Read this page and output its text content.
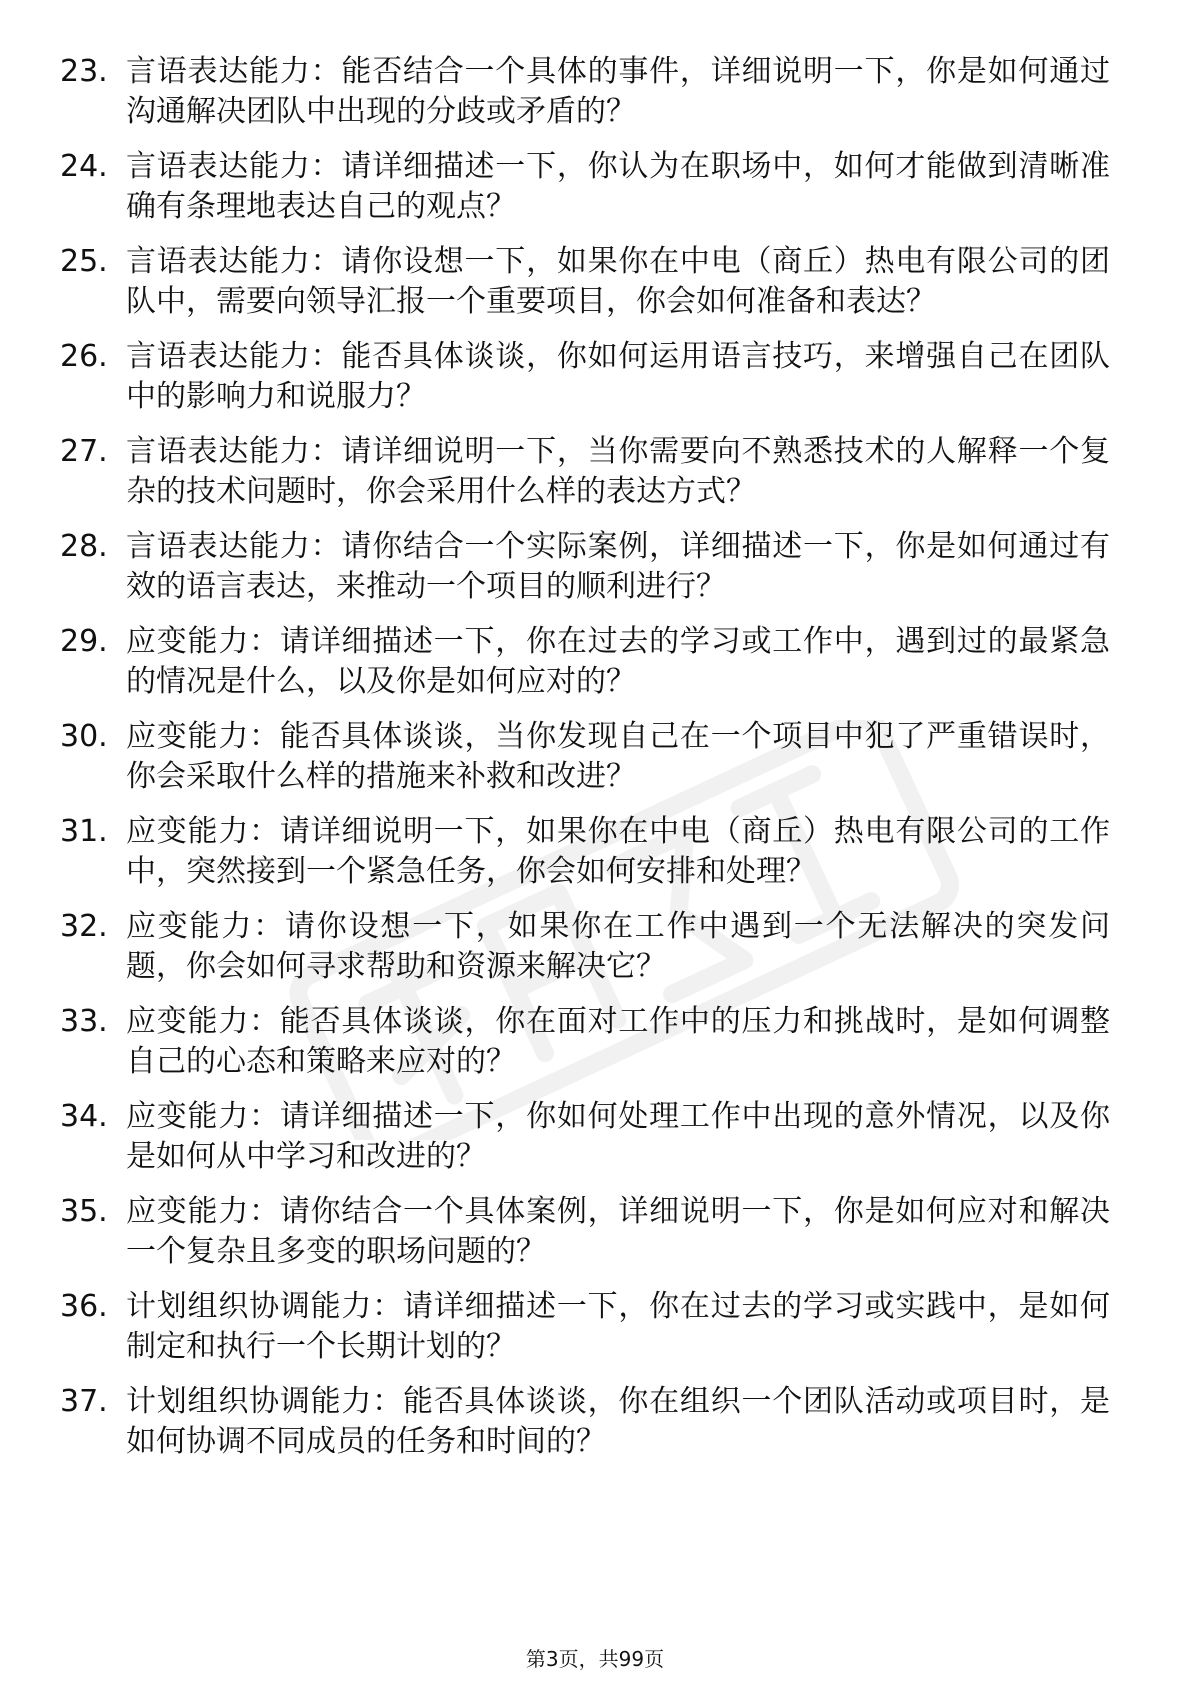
23. 言语表达能力：能否结合一个具体的事件，详细说明一下，你是如何通过沟通解决团队中出现的分歧或矛盾的？
24. 言语表达能力：请详细描述一下，你认为在职场中，如何才能做到清晰准确有条理地表达自己的观点？
25. 言语表达能力：请你设想一下，如果你在中电（商丘）热电有限公司的团队中，需要向领导汇报一个重要项目，你会如何准备和表达？
26. 言语表达能力：能否具体谈谈，你如何运用语言技巧，来增强自己在团队中的影响力和说服力？
27. 言语表达能力：请详细说明一下，当你需要向不熟悉技术的人解释一个复杂的技术问题时，你会采用什么样的表达方式？
28. 言语表达能力：请你结合一个实际案例，详细描述一下，你是如何通过有效的语言表达，来推动一个项目的顺利进行？
29. 应变能力：请详细描述一下，你在过去的学习或工作中，遇到过的最紧急的情况是什么，以及你是如何应对的？
30. 应变能力：能否具体谈谈，当你发现自己在一个项目中犯了严重错误时，你会采取什么样的措施来补救和改进？
31. 应变能力：请详细说明一下，如果你在中电（商丘）热电有限公司的工作中，突然接到一个紧急任务，你会如何安排和处理？
32. 应变能力：请你设想一下，如果你在工作中遇到一个无法解决的突发问题，你会如何寻求帮助和资源来解决它？
33. 应变能力：能否具体谈谈，你在面对工作中的压力和挑战时，是如何调整自己的心态和策略来应对的？
34. 应变能力：请详细描述一下，你如何处理工作中出现的意外情况，以及你是如何从中学习和改进的？
35. 应变能力：请你结合一个具体案例，详细说明一下，你是如何应对和解决一个复杂且多变的职场问题的？
36. 计划组织协调能力：请详细描述一下，你在过去的学习或实践中，是如何制定和执行一个长期计划的？
37. 计划组织协调能力：能否具体谈谈，你在组织一个团队活动或项目时，是如何协调不同成员的任务和时间的？
第3页，共99页
